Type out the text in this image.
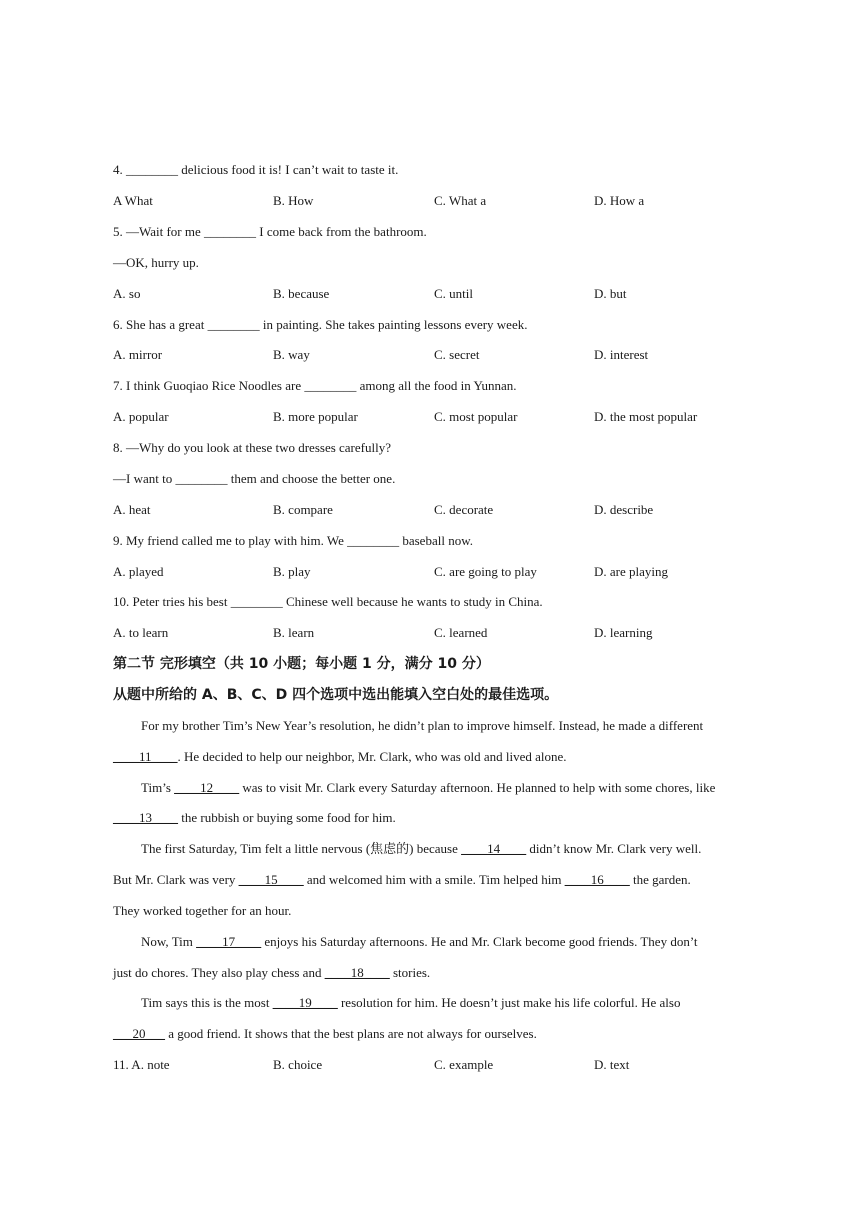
4. ________ delicious food it is! I can’t wait to taste it.
A What	B. How	C. What a	D. How a
5. —Wait for me ________ I come back from the bathroom.
—OK, hurry up.
A. so	B. because	C. until	D. but
6. She has a great ________ in painting. She takes painting lessons every week.
A. mirror	B. way	C. secret	D. interest
7. I think Guoqiao Rice Noodles are ________ among all the food in Yunnan.
A. popular	B. more popular	C. most popular	D. the most popular
8. —Why do you look at these two dresses carefully?
—I want to ________ them and choose the better one.
A. heat	B. compare	C. decorate	D. describe
9. My friend called me to play with him. We ________ baseball now.
A. played	B. play	C. are going to play	D. are playing
10. Peter tries his best ________ Chinese well because he wants to study in China.
A. to learn	B. learn	C. learned	D. learning
第二节 完形填空（共 10 小题；每小题 1 分，满分 10 分）
从题中所给的 A、B、C、D 四个选项中选出能填入空白处的最佳选项。
For my brother Tim’s New Year’s resolution, he didn’t plan to improve himself. Instead, he made a different
____11____. He decided to help our neighbor, Mr. Clark, who was old and lived alone.
Tim’s ____12____ was to visit Mr. Clark every Saturday afternoon. He planned to help with some chores, like
____13____ the rubbish or buying some food for him.
The first Saturday, Tim felt a little nervous (焦虑的) because ____14____ didn’t know Mr. Clark very well.
But Mr. Clark was very ____15____ and welcomed him with a smile. Tim helped him ____16____ the garden.
They worked together for an hour.
Now, Tim ____17____ enjoys his Saturday afternoons. He and Mr. Clark become good friends. They don’t
just do chores. They also play chess and ____18____ stories.
Tim says this is the most ____19____ resolution for him. He doesn’t just make his life colorful. He also
___20___ a good friend. It shows that the best plans are not always for ourselves.
11. A. note	B. choice	C. example	D. text
